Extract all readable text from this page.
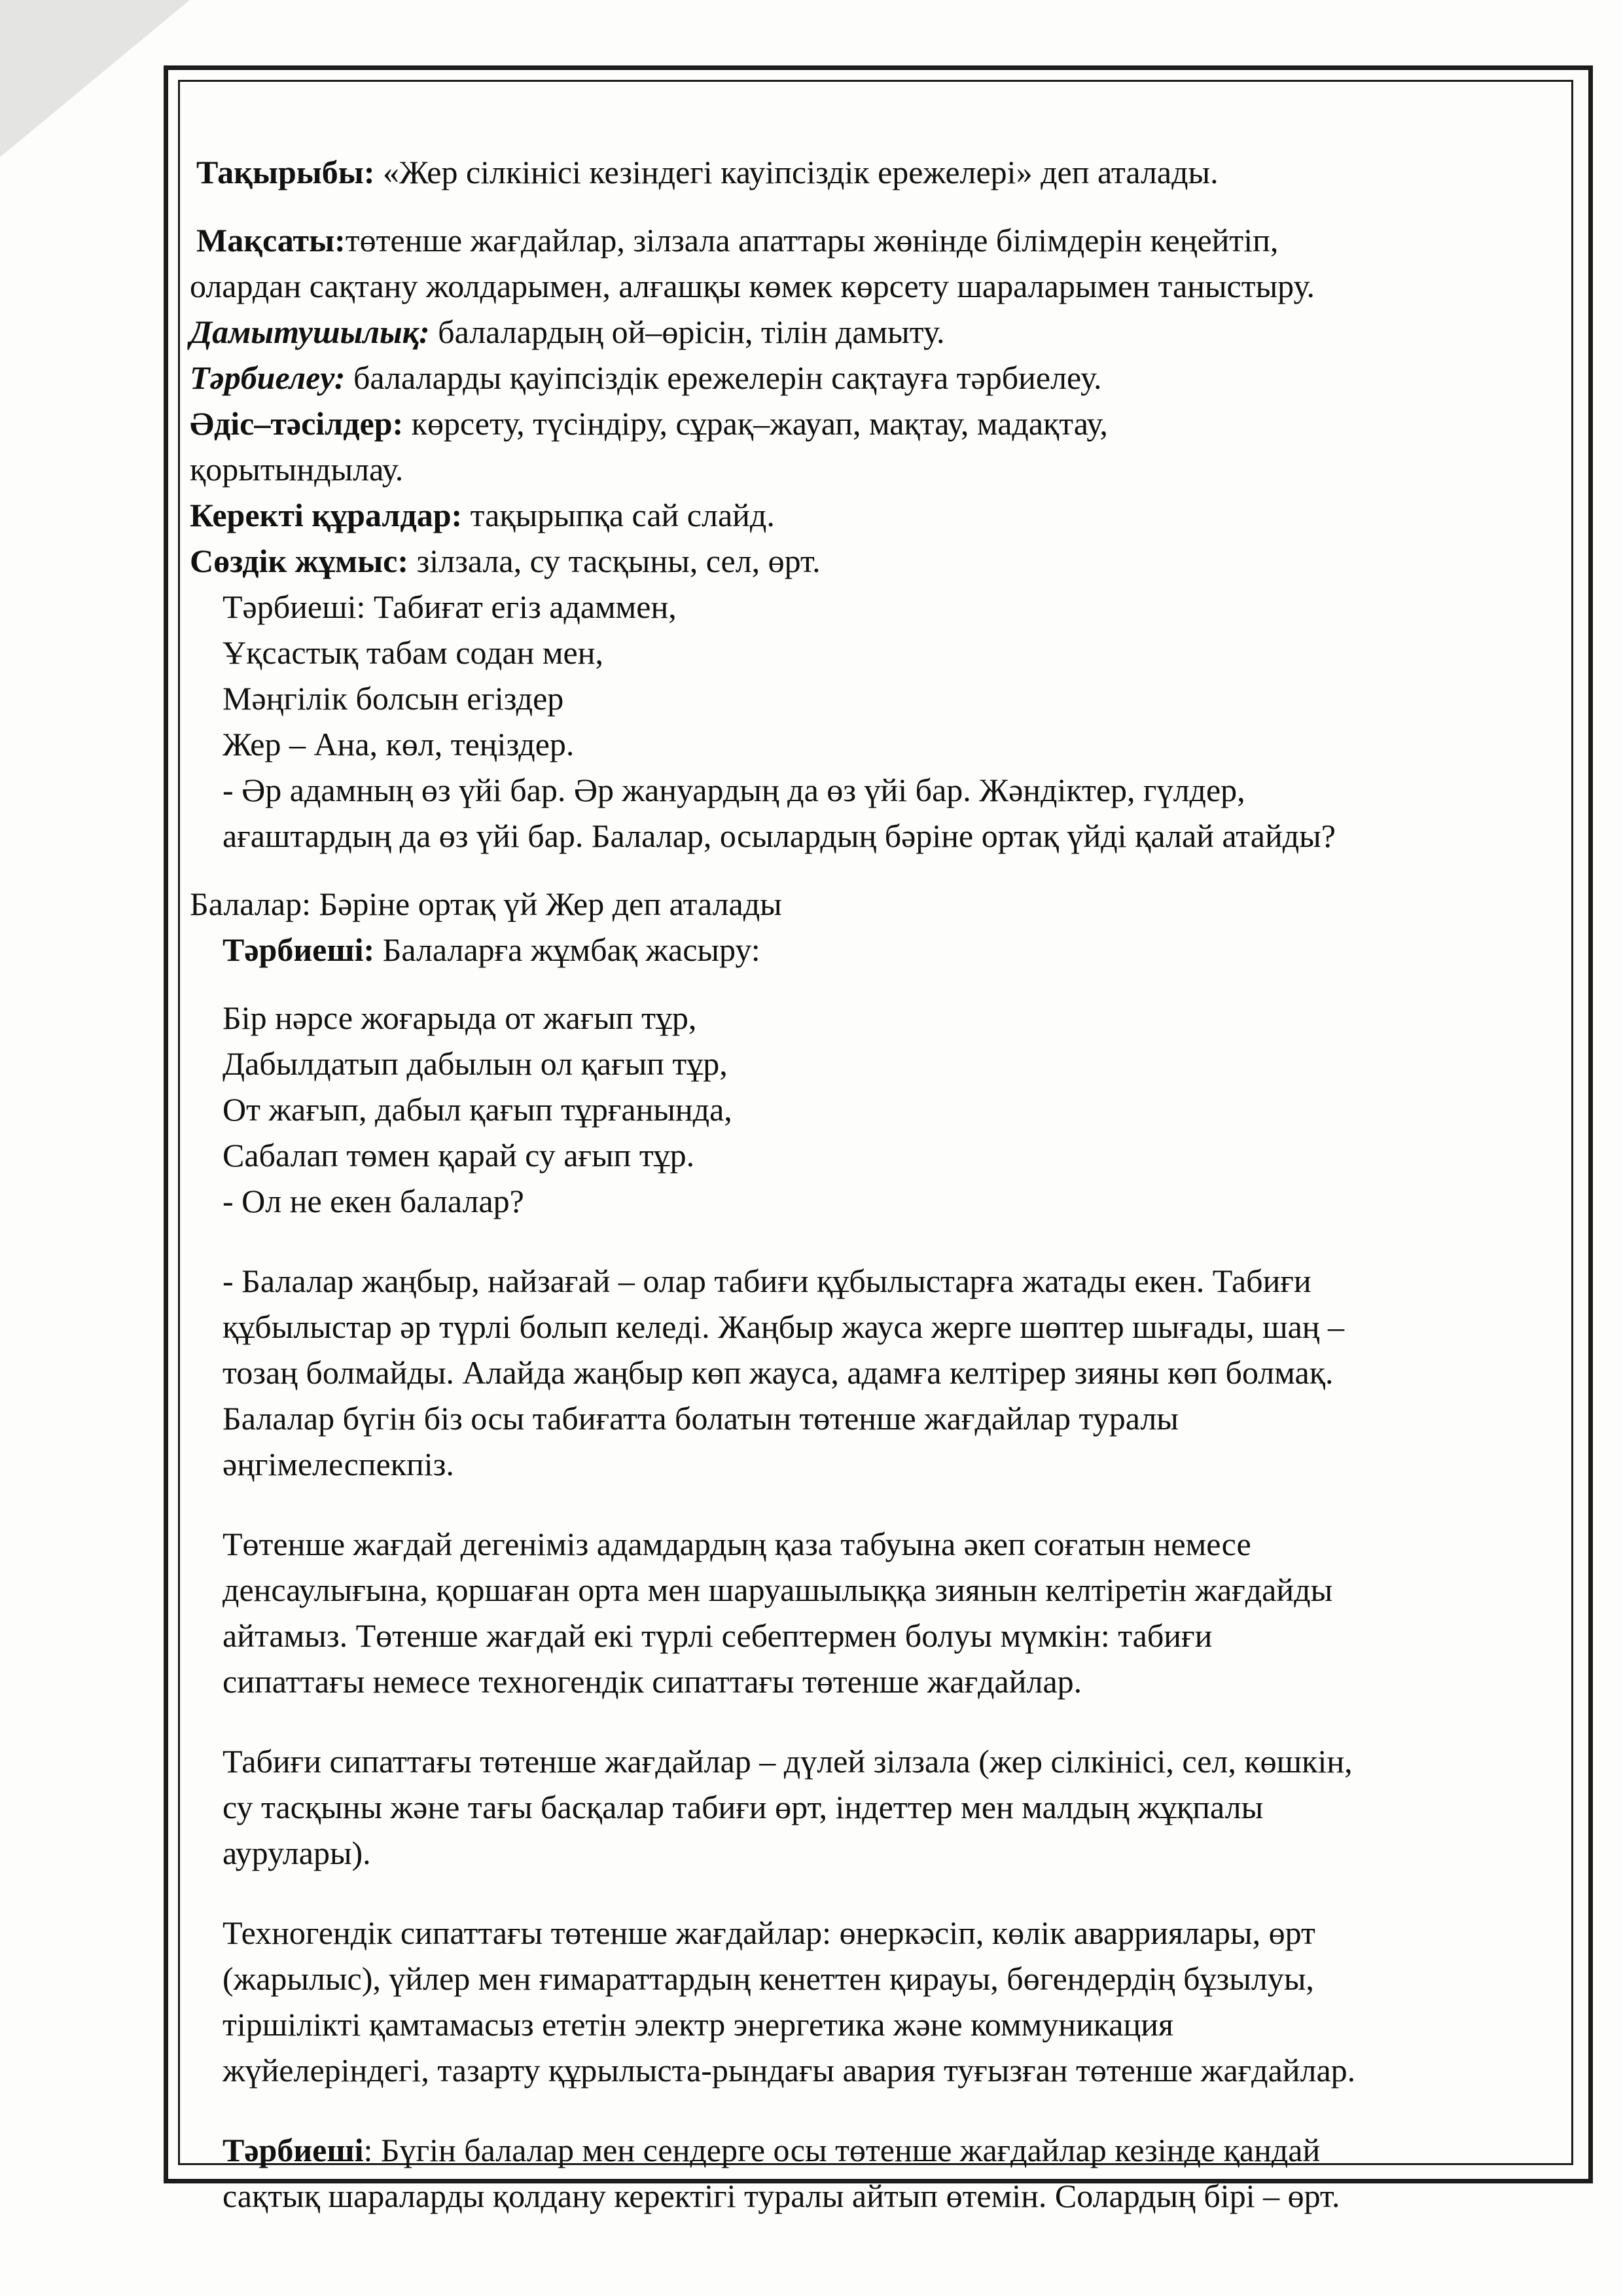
Тақырыбы: «Жер сілкінісі кезіндегі кауіпсіздік ережелері» деп аталады.

Мақсаты:төтенше жағдайлар, зілзала апаттары жөнінде білімдерін кеңейтіп,

олардан сақтану жолдарымен, алғашқы көмек көрсету шараларымен таныстыру.

Дамытушылық: балалардың ой–өрісін, тілін дамыту.

Тәрбиелеу: балаларды қауіпсіздік ережелерін сақтауға тәрбиелеу.

Әдіс–тәсілдер: көрсету, түсіндіру, сұрақ–жауап, мақтау, мадақтау,

қорытындылау.

Керекті құралдар: тақырыпқа сай слайд.

Сөздік жұмыс: зілзала, су тасқыны, сел, өрт.

Тәрбиеші: Табиғат егіз адаммен,

Ұқсастық табам содан мен,

Мәңгілік болсын егіздер

Жер – Ана, көл, теңіздер.

- Әр адамның өз үйі бар. Әр жануардың да өз үйі бар. Жәндіктер, гүлдер,

ағаштардың да өз үйі бар. Балалар, осылардың бәріне ортақ үйді қалай атайды?

Балалар: Бәріне ортақ үй Жер деп аталады

Тәрбиеші: Балаларға жұмбақ жасыру:

Бір нәрсе жоғарыда от жағып тұр,

Дабылдатып дабылын ол қағып тұр,

От жағып, дабыл қағып тұрғанында,

Сабалап төмен қарай су ағып тұр.

- Ол не екен балалар?

- Балалар жаңбыр, найзағай – олар табиғи құбылыстарға жатады екен. Табиғи

құбылыстар әр түрлі болып келеді. Жаңбыр жауса жерге шөптер шығады, шаң –

тозаң болмайды. Алайда жаңбыр көп жауса, адамға келтірер зияны көп болмақ.

Балалар бүгін біз осы табиғатта болатын төтенше жағдайлар туралы

әңгімелеспекпіз.

Төтенше жағдай дегеніміз адамдардың қаза табуына әкеп соғатын немесе

денсаулығына, қоршаған орта мен шаруашылыққа зиянын келтіретін жағдайды

айтамыз. Төтенше жағдай екі түрлі себептермен болуы мүмкін: табиғи

сипаттағы немесе техногендік сипаттағы төтенше жағдайлар.

Табиғи сипаттағы төтенше жағдайлар – дүлей зілзала (жер сілкінісі, сел, көшкін,

су тасқыны және тағы басқалар табиғи өрт, індеттер мен малдың жұқпалы

аурулары).

Техногендік сипаттағы төтенше жағдайлар: өнеркәсіп, көлік аварриялары, өрт

(жарылыс), үйлер мен ғимараттардың кенеттен қирауы, бөгендердің бұзылуы,

тіршілікті қамтамасыз ететін электр энергетика және коммуникация

жүйелеріндегі, тазарту құрылыста-рындағы авария туғызған төтенше жағдайлар.

Тәрбиеші: Бүгін балалар мен сендерге осы төтенше жағдайлар кезінде қандай

сақтық шараларды қолдану керектігі туралы айтып өтемін. Солардың бірі – өрт.
